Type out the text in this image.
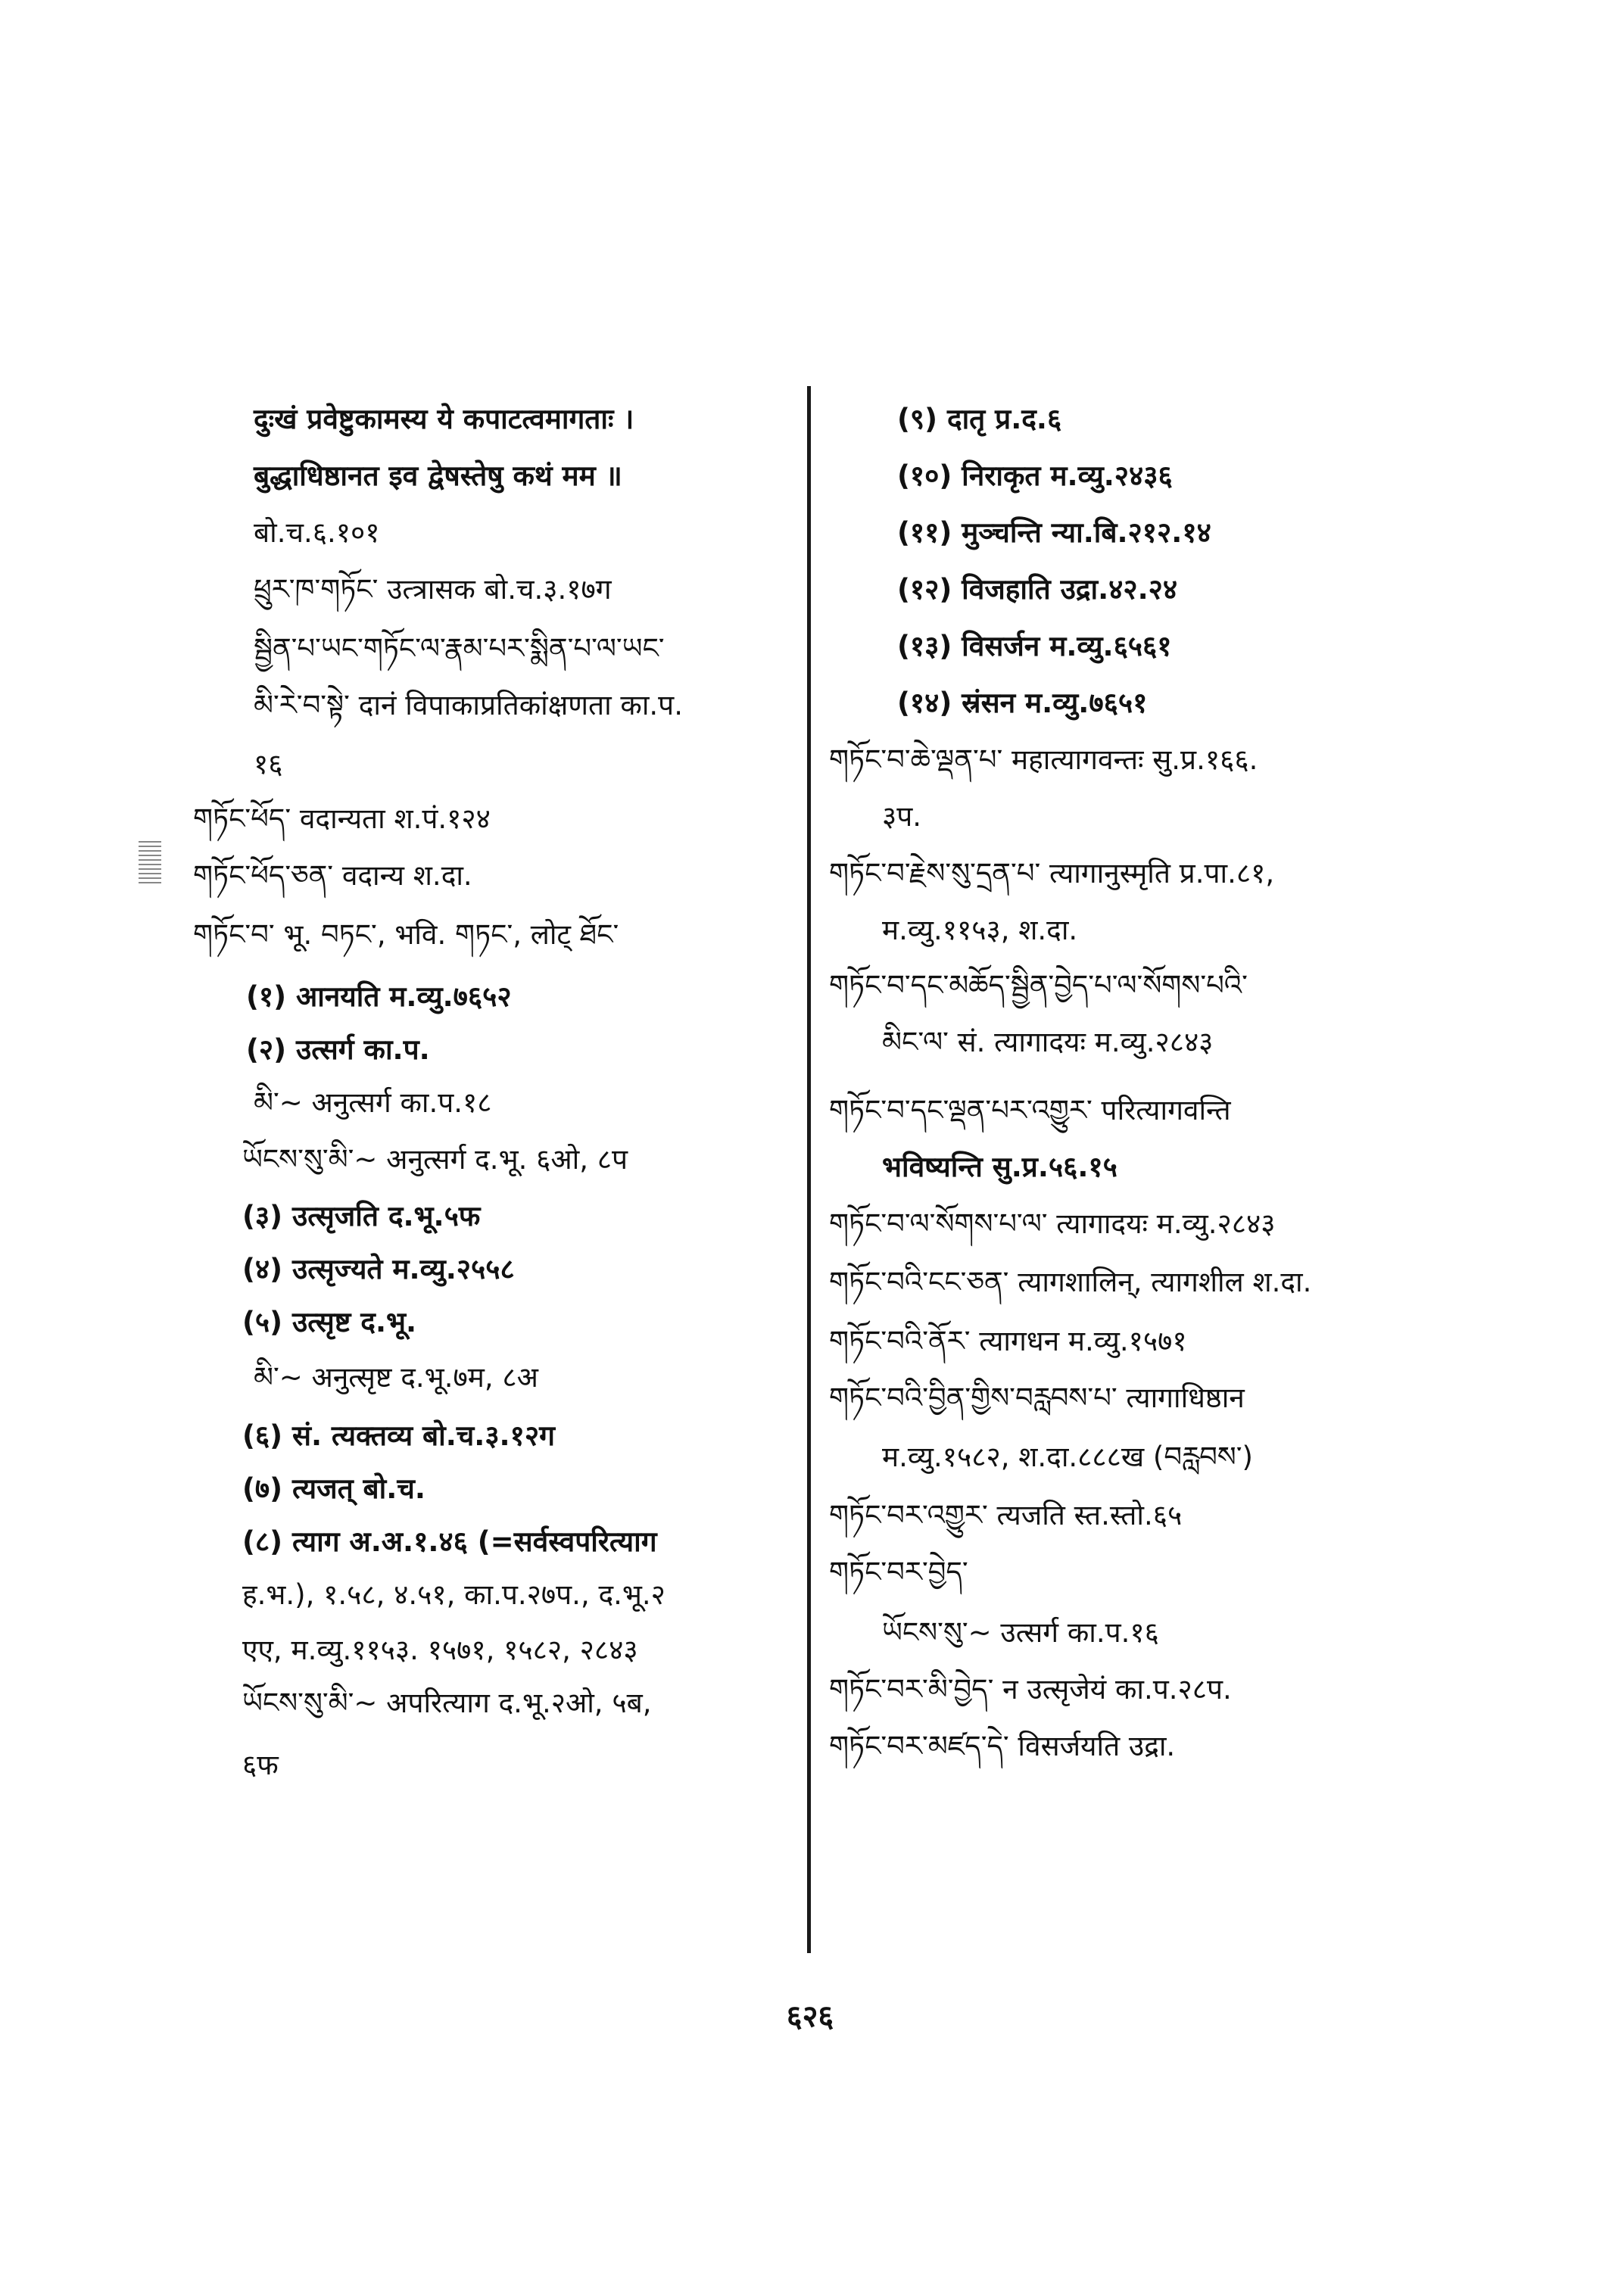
दुःखं प्रवेष्टुकामस्य ये कपाटत्वमागताः ।
बुद्धाधिष्ठानत इव द्वेषस्तेषु कथं मम ॥
बो.च.६.१०१
ཕྲུར་ཁ་གཏོང་ उत्त्रासक बो.च.३.१७ग
སྦྱིན་པ་ཡང་གཏོང་ལ་རྣམ་པར་སྨིན་པ་ལ་ཡང་
མི་རེ་བ་སྟེ་ दानं विपाकाप्रतिकांक्षणता का.प.
१६
གཏོང་ཕོད་ वदान्यता श.पं.१२४
གཏོང་ཕོད་ཅན་ वदान्य श.दा.
གཏོང་བ་ भू. བཏང་, भवि. གཏང་, लोट् ཐོང་
(१) आनयति म.व्यु.७६५२
(२) उत्सर्ग का.प.
མི་~ अनुत्सर्ग का.प.१८
ཡོངས་སུ་མི་~ अनुत्सर्ग द.भू. ६ओ, ८प
(३) उत्सृजति द.भू.५फ
(४) उत्सृज्यते म.व्यु.२५५८
(५) उत्सृष्ट द.भू.
མི་~ अनुत्सृष्ट द.भू.७म, ८अ
(६) सं. त्यक्तव्य बो.च.३.१२ग
(७) त्यजत् बो.च.
(८) त्याग अ.अ.१.४६ (=सर्वस्वपरित्याग
ह.भ.), १.५८, ४.५१, का.प.२७प., द.भू.२
एए, म.व्यु.११५३. १५७१, १५८२, २८४३
ཡོངས་སུ་མི་~ अपरित्याग द.भू.२ओ, ५ब,
६फ
(९) दातृ प्र.द.६
(१०) निराकृत म.व्यु.२४३६
(११) मुञ्चन्ति न्या.बि.२१२.१४
(१२) विजहाति उद्रा.४२.२४
(१३) विसर्जन म.व्यु.६५६१
(१४) स्रंसन म.व्यु.७६५१
གཏོང་བ་ཆེ་ལྡན་པ་ महात्यागवन्तः सु.प्र.१६६.
३प.
གཏོང་བ་རྗེས་སུ་དྲན་པ་ त्यागानुस्मृति प्र.पा.८१,
म.व्यु.११५३, श.दा.
གཏོང་བ་དང་མཆོད་སྦྱིན་བྱེད་པ་ལ་སོགས་པའི་
མིང་ལ་ सं. त्यागादयः म.व्यु.२८४३
གཏོང་བ་དང་ལྡན་པར་འགྱུར་ परित्यागवन्ति
भविष्यन्ति सु.प्र.५६.१५
གཏོང་བ་ལ་སོགས་པ་ལ་ त्यागादयः म.व्यु.२८४३
གཏོང་བའི་ངང་ཅན་ त्यागशालिन्, त्यागशील श.दा.
གཏོང་བའི་ནོར་ त्यागधन म.व्यु.१५७१
གཏོང་བའི་བྱིན་གྱིས་བརླབས་པ་ त्यागाधिष्ठान
म.व्यु.१५८२, श.दा.८८८ख (བརླབས་)
གཏོང་བར་འགྱུར་ त्यजति स्त.स्तो.६५
གཏོང་བར་བྱེད་
ཡོངས་སུ་~ उत्सर्ग का.प.१६
གཏོང་བར་མི་བྱེད་ न उत्सृजेयं का.प.२८प.
གཏོང་བར་མཛད་དེ་ विसर्जयति उद्रा.
६२६
